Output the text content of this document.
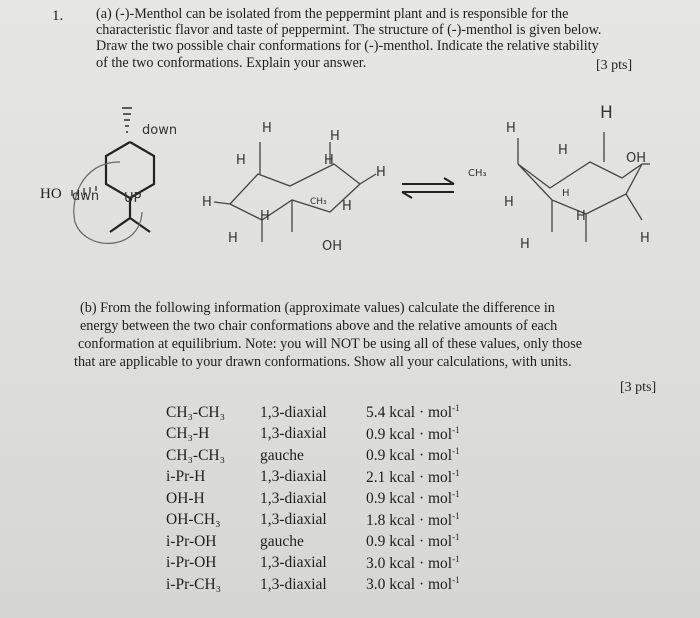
1. (a) (-)-Menthol can be isolated from the peppermint plant and is responsible for the
characteristic flavor and taste of peppermint. The structure of (-)-menthol is given below.
Draw the two possible chair conformations for (-)-menthol. Indicate the relative stability
of the two conformations. Explain your answer.	[3 pts]
HO
down
dwn UP
H
H
H	H
H
H
H
H
H
CH₃
OH
H
H
H
OH
CH₃
H
H
H
H	H
(b) From the following information (approximate values) calculate the difference in
energy between the two chair conformations above and the relative amounts of each
conformation at equilibrium. Note: you will NOT be using all of these values, only those
that are applicable to your drawn conformations. Show all your calculations, with units.
[3 pts]
CH₃-CH₃	1,3-diaxial	5.4 kcal · mol$^{-1}$
CH₃-H	1,3-diaxial	0.9 kcal · mol$^{-1}$
CH₃-CH₃	gauche	0.9 kcal · mol$^{-1}$
i-Pr-H	1,3-diaxial	2.1 kcal · mol$^{-1}$
OH-H	1,3-diaxial	0.9 kcal · mol$^{-1}$
OH-CH₃	1,3-diaxial	1.8 kcal · mol$^{-1}$
i-Pr-OH	gauche	0.9 kcal · mol$^{-1}$
i-Pr-OH	1,3-diaxial	3.0 kcal · mol$^{-1}$
i-Pr-CH₃	1,3-diaxial	3.0 kcal · mol$^{-1}$
